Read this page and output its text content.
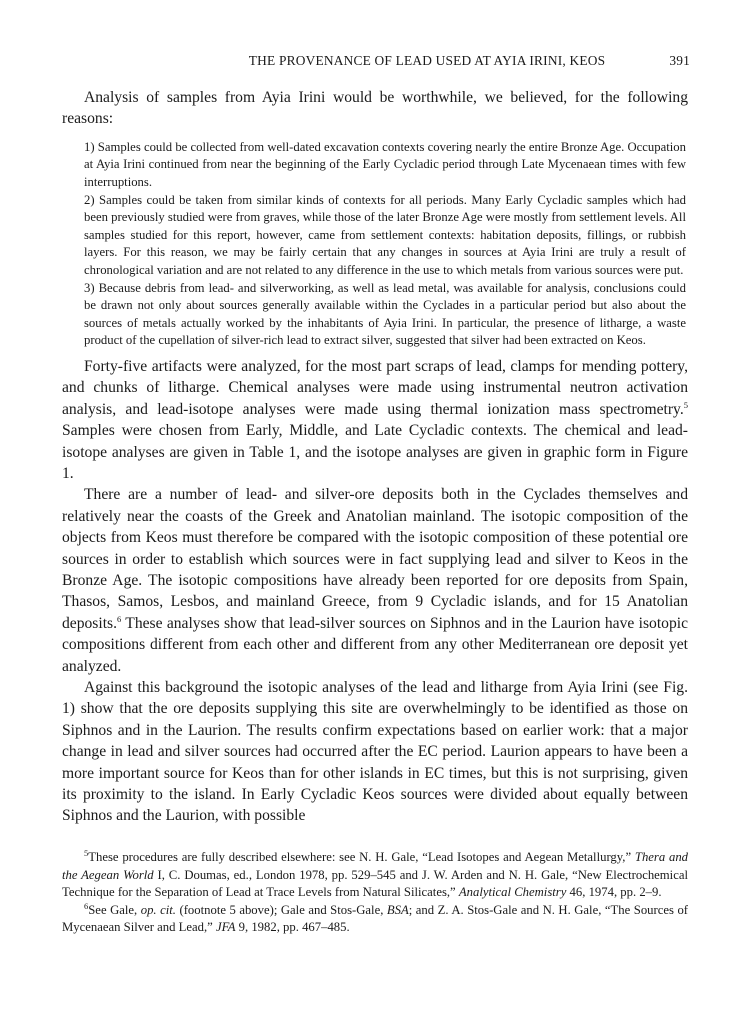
THE PROVENANCE OF LEAD USED AT AYIA IRINI, KEOS	391

Analysis of samples from Ayia Irini would be worthwhile, we believed, for the following reasons:

1) Samples could be collected from well-dated excavation contexts covering nearly the entire Bronze Age. Occupation at Ayia Irini continued from near the beginning of the Early Cycladic period through Late Mycenaean times with few interruptions.

2) Samples could be taken from similar kinds of contexts for all periods. Many Early Cycladic samples which had been previously studied were from graves, while those of the later Bronze Age were mostly from settlement levels. All samples studied for this report, however, came from settlement contexts: habitation deposits, fillings, or rubbish layers. For this reason, we may be fairly certain that any changes in sources at Ayia Irini are truly a result of chronological variation and are not related to any difference in the use to which metals from various sources were put.

3) Because debris from lead- and silverworking, as well as lead metal, was available for analysis, conclusions could be drawn not only about sources generally available within the Cyclades in a particular period but also about the sources of metals actually worked by the inhabitants of Ayia Irini. In particular, the presence of litharge, a waste product of the cupellation of silver-rich lead to extract silver, suggested that silver had been extracted on Keos.

Forty-five artifacts were analyzed, for the most part scraps of lead, clamps for mending pottery, and chunks of litharge. Chemical analyses were made using instrumental neutron activation analysis, and lead-isotope analyses were made using thermal ionization mass spectrometry.$^5$ Samples were chosen from Early, Middle, and Late Cycladic contexts. The chemical and lead-isotope analyses are given in Table 1, and the isotope analyses are given in graphic form in Figure 1.

There are a number of lead- and silver-ore deposits both in the Cyclades themselves and relatively near the coasts of the Greek and Anatolian mainland. The isotopic composition of the objects from Keos must therefore be compared with the isotopic composition of these potential ore sources in order to establish which sources were in fact supplying lead and silver to Keos in the Bronze Age. The isotopic compositions have already been reported for ore deposits from Spain, Thasos, Samos, Lesbos, and mainland Greece, from 9 Cycladic islands, and for 15 Anatolian deposits.$^6$ These analyses show that lead-silver sources on Siphnos and in the Laurion have isotopic compositions different from each other and different from any other Mediterranean ore deposit yet analyzed.

Against this background the isotopic analyses of the lead and litharge from Ayia Irini (see Fig. 1) show that the ore deposits supplying this site are overwhelmingly to be identified as those on Siphnos and in the Laurion. The results confirm expectations based on earlier work: that a major change in lead and silver sources had occurred after the EC period. Laurion appears to have been a more important source for Keos than for other islands in EC times, but this is not surprising, given its proximity to the island. In Early Cycladic Keos sources were divided about equally between Siphnos and the Laurion, with possible

$^5$These procedures are fully described elsewhere: see N. H. Gale, “Lead Isotopes and Aegean Metallurgy,” Thera and the Aegean World I, C. Doumas, ed., London 1978, pp. 529–545 and J. W. Arden and N. H. Gale, “New Electrochemical Technique for the Separation of Lead at Trace Levels from Natural Silicates,” Analytical Chemistry 46, 1974, pp. 2–9.

$^6$See Gale, op. cit. (footnote 5 above); Gale and Stos-Gale, BSA; and Z. A. Stos-Gale and N. H. Gale, “The Sources of Mycenaean Silver and Lead,” JFA 9, 1982, pp. 467–485.
